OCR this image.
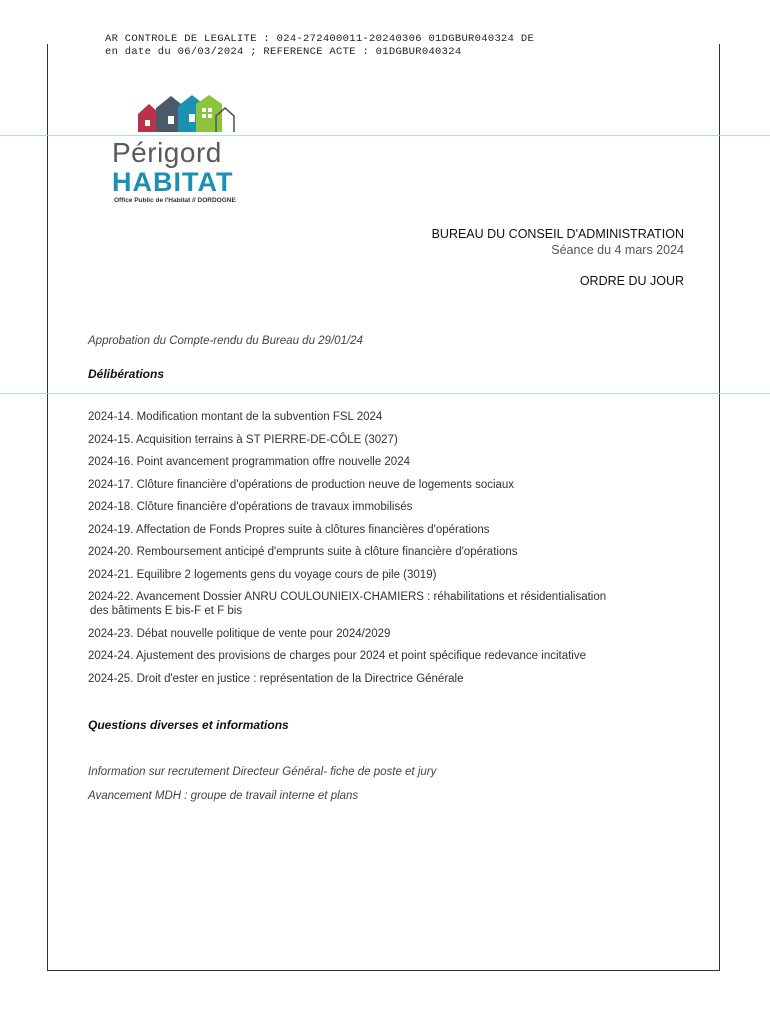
AR CONTROLE DE LEGALITE : 024-272400011-20240306 01DGBUR040324 DE
en date du 06/03/2024 ; REFERENCE ACTE : 01DGBUR040324
Périgord
HABITAT
Office Public de l'Habitat // DORDOGNE
BUREAU DU CONSEIL D'ADMINISTRATION
Séance du 4 mars 2024
ORDRE DU JOUR
Approbation du Compte-rendu du Bureau du 29/01/24
Délibérations
2024-14. Modification montant de la subvention FSL 2024
2024-15. Acquisition terrains à ST PIERRE-DE-CÔLE (3027)
2024-16. Point avancement programmation offre nouvelle 2024
2024-17. Clôture financière d'opérations de production neuve de logements sociaux
2024-18. Clôture financière d'opérations de travaux immobilisés
2024-19. Affectation de Fonds Propres suite à clôtures financières d'opérations
2024-20. Remboursement anticipé d'emprunts suite à clôture financière d'opérations
2024-21. Equilibre 2 logements gens du voyage cours de pile (3019)
2024-22. Avancement Dossier ANRU COULOUNIEIX-CHAMIERS : réhabilitations et résidentialisation
des bâtiments E bis-F et F bis
2024-23. Débat nouvelle politique de vente pour 2024/2029
2024-24. Ajustement des provisions de charges pour 2024 et point spécifique redevance incitative
2024-25. Droit d'ester en justice : représentation de la Directrice Générale
Questions diverses et informations
Information sur recrutement Directeur Général- fiche de poste et jury
Avancement MDH : groupe de travail interne et plans
